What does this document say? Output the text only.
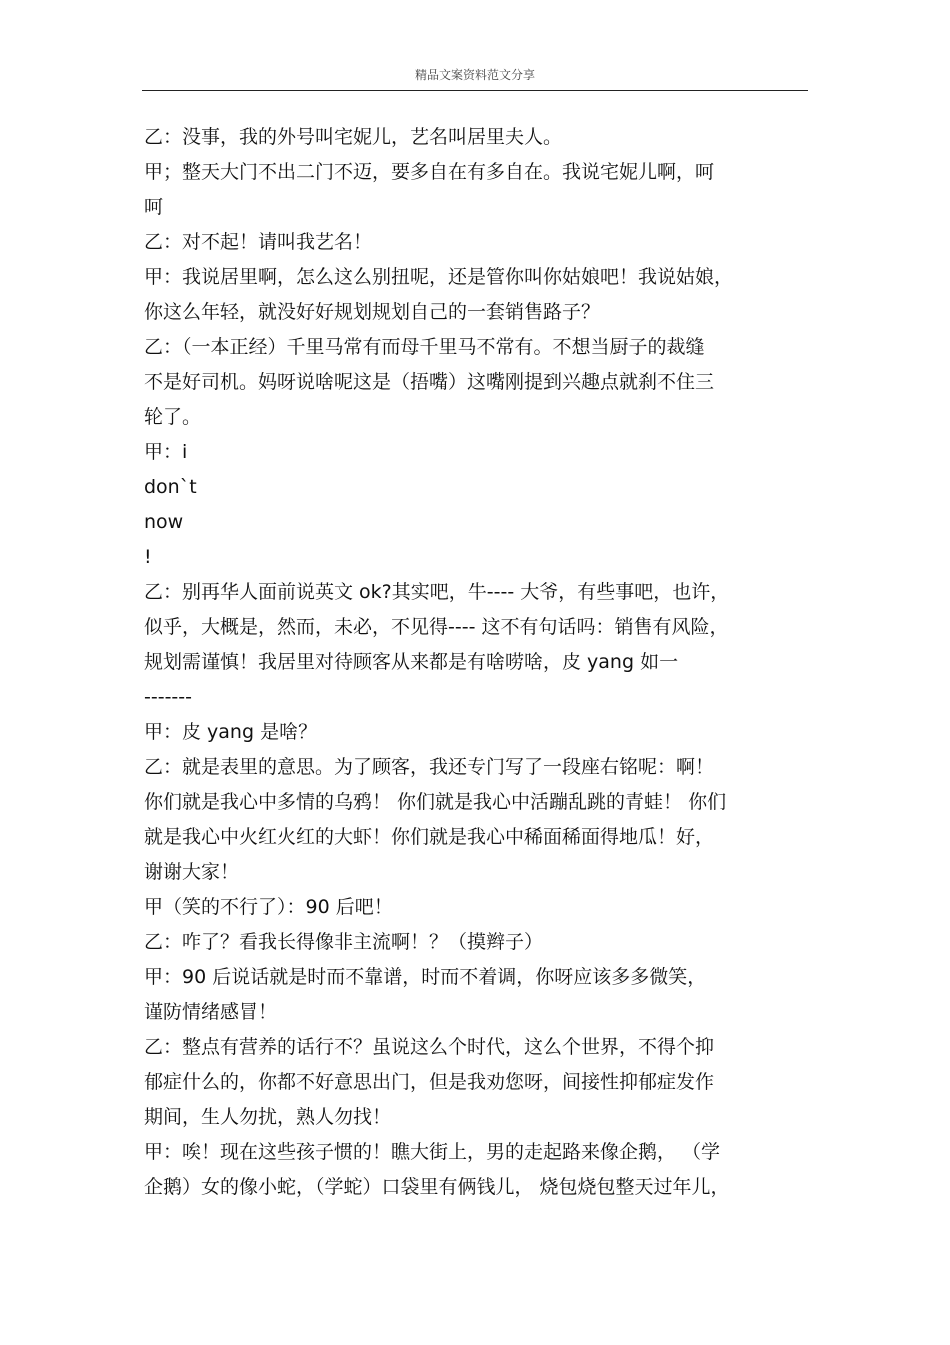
精品文案资料范文分享
乙：没事，我的外号叫宅妮儿，艺名叫居里夫人。
甲；整天大门不出二门不迈，要多自在有多自在。我说宅妮儿啊，呵
呵
乙：对不起！请叫我艺名！
甲：我说居里啊，怎么这么别扭呢，还是管你叫你姑娘吧！我说姑娘，
你这么年轻，就没好好规划规划自己的一套销售路子？
乙：（一本正经）千里马常有而母千里马不常有。不想当厨子的裁缝
不是好司机。妈呀说啥呢这是（捂嘴）这嘴刚提到兴趣点就刹不住三
轮了。
甲：i
don`t
now
!
乙：别再华人面前说英文 ok?其实吧，牛---- 大爷，有些事吧，也许，
似乎，大概是，然而，未必，不见得---- 这不有句话吗：销售有风险，
规划需谨慎！我居里对待顾客从来都是有啥唠啥，皮 yang 如一
-------
甲：皮 yang 是啥？
乙：就是表里的意思。为了顾客，我还专门写了一段座右铭呢：啊！
你们就是我心中多情的乌鸦！ 你们就是我心中活蹦乱跳的青蛙！ 你们
就是我心中火红火红的大虾！你们就是我心中稀面稀面得地瓜！好，
谢谢大家！
甲（笑的不行了）：90 后吧！
乙：咋了？看我长得像非主流啊！？（摸辫子）
甲：90 后说话就是时而不靠谱，时而不着调，你呀应该多多微笑，
谨防情绪感冒！
乙：整点有营养的话行不？虽说这么个时代，这么个世界，不得个抑
郁症什么的，你都不好意思出门，但是我劝您呀，间接性抑郁症发作
期间，生人勿扰，熟人勿找！
甲：唉！现在这些孩子惯的！瞧大街上，男的走起路来像企鹅， （学
企鹅）女的像小蛇，（学蛇）口袋里有俩钱儿， 烧包烧包整天过年儿，
